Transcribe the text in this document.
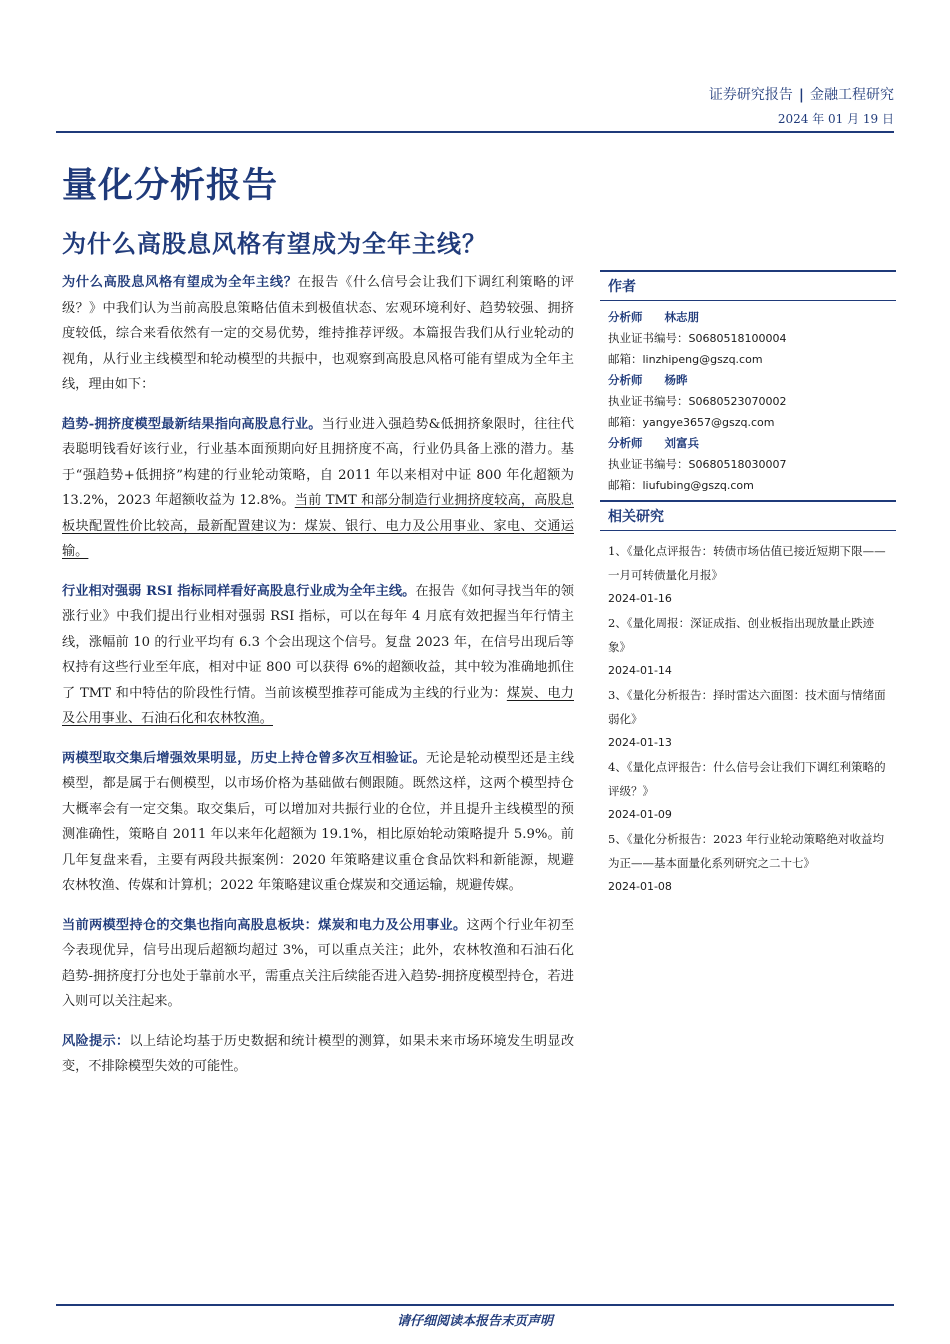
证券研究报告 | 金融工程研究
2024 年 01 月 19 日
量化分析报告
为什么高股息风格有望成为全年主线？

为什么高股息风格有望成为全年主线？在报告《什么信号会让我们下调红利策略的评级？》中我们认为当前高股息策略估值未到极值状态、宏观环境利好、趋势较强、拥挤度较低，综合来看依然有一定的交易优势，维持推荐评级。本篇报告我们从行业轮动的视角，从行业主线模型和轮动模型的共振中，也观察到高股息风格可能有望成为全年主线，理由如下：

趋势-拥挤度模型最新结果指向高股息行业。当行业进入强趋势&低拥挤象限时，往往代表聪明钱看好该行业，行业基本面预期向好且拥挤度不高，行业仍具备上涨的潜力。基于“强趋势+低拥挤”构建的行业轮动策略，自 2011 年以来相对中证 800 年化超额为 13.2%，2023 年超额收益为 12.8%。当前 TMT 和部分制造行业拥挤度较高，高股息板块配置性价比较高，最新配置建议为：煤炭、银行、电力及公用事业、家电、交通运输。

行业相对强弱 RSI 指标同样看好高股息行业成为全年主线。在报告《如何寻找当年的领涨行业》中我们提出行业相对强弱 RSI 指标，可以在每年 4 月底有效把握当年行情主线，涨幅前 10 的行业平均有 6.3 个会出现这个信号。复盘 2023 年，在信号出现后等权持有这些行业至年底，相对中证 800 可以获得 6%的超额收益，其中较为准确地抓住了 TMT 和中特估的阶段性行情。当前该模型推荐可能成为主线的行业为：煤炭、电力及公用事业、石油石化和农林牧渔。

两模型取交集后增强效果明显，历史上持仓曾多次互相验证。无论是轮动模型还是主线模型，都是属于右侧模型，以市场价格为基础做右侧跟随。既然这样，这两个模型持仓大概率会有一定交集。取交集后，可以增加对共振行业的仓位，并且提升主线模型的预测准确性，策略自 2011 年以来年化超额为 19.1%，相比原始轮动策略提升 5.9%。前几年复盘来看，主要有两段共振案例：2020 年策略建议重仓食品饮料和新能源，规避农林牧渔、传媒和计算机；2022 年策略建议重仓煤炭和交通运输，规避传媒。

当前两模型持仓的交集也指向高股息板块：煤炭和电力及公用事业。这两个行业年初至今表现优异，信号出现后超额均超过 3%，可以重点关注；此外，农林牧渔和石油石化趋势-拥挤度打分也处于靠前水平，需重点关注后续能否进入趋势-拥挤度模型持仓，若进入则可以关注起来。

风险提示：以上结论均基于历史数据和统计模型的测算，如果未来市场环境发生明显改变，不排除模型失效的可能性。

作者
分析师 林志朋
执业证书编号：S0680518100004
邮箱：linzhipeng@gszq.com
分析师 杨晔
执业证书编号：S0680523070002
邮箱：yangye3657@gszq.com
分析师 刘富兵
执业证书编号：S0680518030007
邮箱：liufubing@gszq.com
相关研究
1、《量化点评报告：转债市场估值已接近短期下限——一月可转债量化月报》
2024-01-16
2、《量化周报：深证成指、创业板指出现放量止跌迹象》
2024-01-14
3、《量化分析报告：择时雷达六面图：技术面与情绪面弱化》
2024-01-13
4、《量化点评报告：什么信号会让我们下调红利策略的评级？》
2024-01-09
5、《量化分析报告：2023 年行业轮动策略绝对收益均为正——基本面量化系列研究之二十七》
2024-01-08
请仔细阅读本报告末页声明
